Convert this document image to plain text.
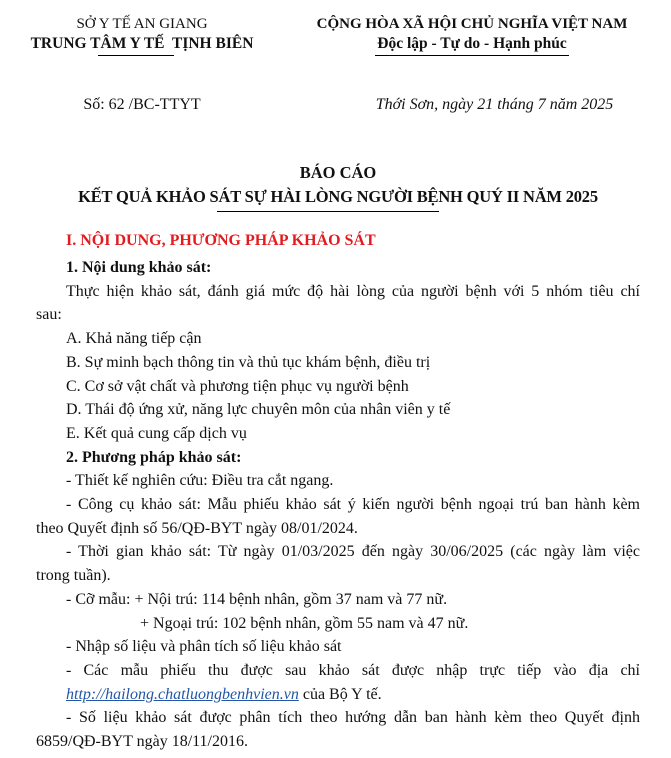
SỞ Y TẾ AN GIANG
TRUNG TÂM Y TẾ  TỊNH BIÊN
CỘNG HÒA XÃ HỘI CHỦ NGHĨA VIỆT NAM
Độc lập - Tự do - Hạnh phúc
Số: 62 /BC-TTYT	Thới Sơn, ngày 21 tháng 7 năm 2025
BÁO CÁO
KẾT QUẢ KHẢO SÁT SỰ HÀI LÒNG NGƯỜI BỆNH QUÝ II NĂM 2025
I. NỘI DUNG, PHƯƠNG PHÁP KHẢO SÁT

1. Nội dung khảo sát:

Thực hiện khảo sát, đánh giá mức độ hài lòng của người bệnh với 5 nhóm tiêu chí

sau:

A. Khả năng tiếp cận

B. Sự minh bạch thông tin và thủ tục khám bệnh, điều trị

C. Cơ sở vật chất và phương tiện phục vụ người bệnh

D. Thái độ ứng xử, năng lực chuyên môn của nhân viên y tế

E. Kết quả cung cấp dịch vụ

2. Phương pháp khảo sát:

- Thiết kế nghiên cứu: Điều tra cắt ngang.

- Công cụ khảo sát: Mẫu phiếu khảo sát ý kiến người bệnh ngoại trú ban hành kèm

theo Quyết định số 56/QĐ-BYT ngày 08/01/2024.

- Thời gian khảo sát: Từ ngày 01/03/2025 đến ngày 30/06/2025 (các ngày làm việc

trong tuần).

- Cỡ mẫu: + Nội trú: 114 bệnh nhân, gồm 37 nam và 77 nữ.

+ Ngoại trú: 102 bệnh nhân, gồm 55 nam và 47 nữ.

- Nhập số liệu và phân tích số liệu khảo sát

- Các mẫu phiếu thu được sau khảo sát được nhập trực tiếp vào địa chỉ

http://hailong.chatluongbenhvien.vn của Bộ Y tế.

- Số liệu khảo sát được phân tích theo hướng dẫn ban hành kèm theo Quyết định

6859/QĐ-BYT ngày 18/11/2016.
